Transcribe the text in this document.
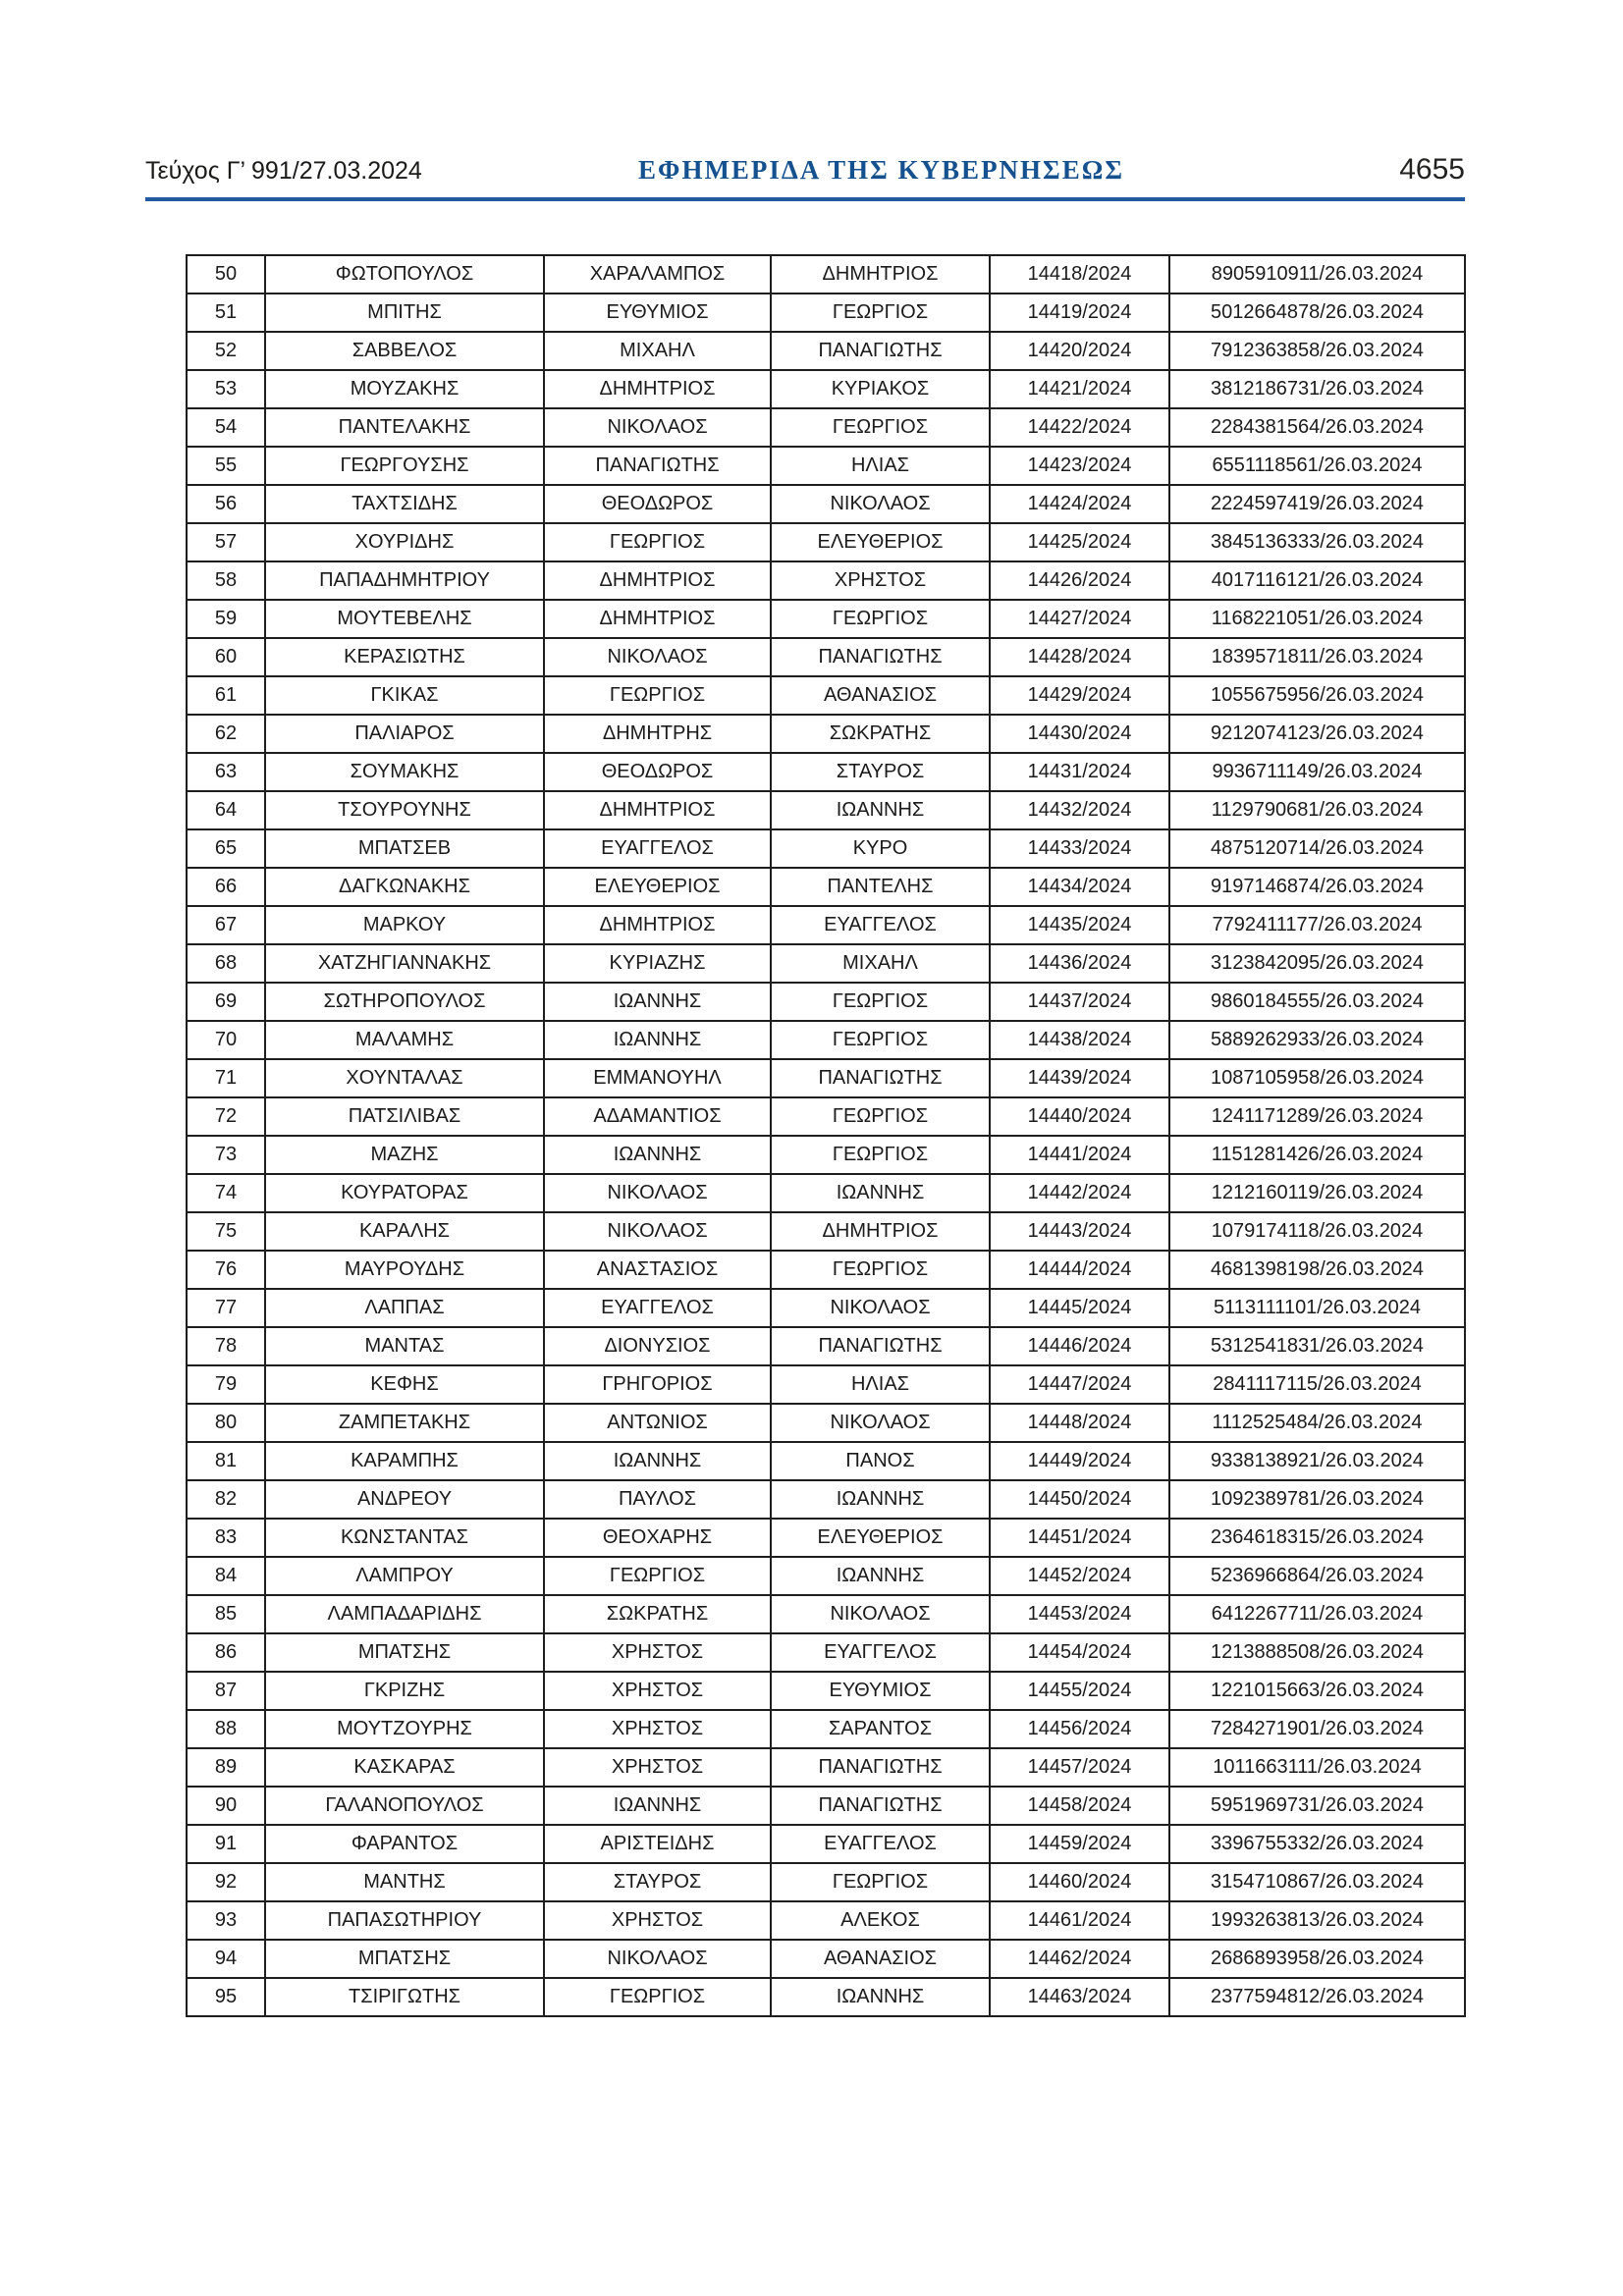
Τεύχος Γ’ 991/27.03.2024	ΕΦΗΜΕΡΙΔΑ ΤΗΣ ΚΥΒΕΡΝΗΣΕΩΣ	4655
50	ΦΩΤΟΠΟΥΛΟΣ	ΧΑΡΑΛΑΜΠΟΣ	ΔΗΜΗΤΡΙΟΣ	14418/2024	8905910911/26.03.2024
51	ΜΠΙΤΗΣ	ΕΥΘΥΜΙΟΣ	ΓΕΩΡΓΙΟΣ	14419/2024	5012664878/26.03.2024
52	ΣΑΒΒΕΛΟΣ	ΜΙΧΑΗΛ	ΠΑΝΑΓΙΩΤΗΣ	14420/2024	7912363858/26.03.2024
53	ΜΟΥΖΑΚΗΣ	ΔΗΜΗΤΡΙΟΣ	ΚΥΡΙΑΚΟΣ	14421/2024	3812186731/26.03.2024
54	ΠΑΝΤΕΛΑΚΗΣ	ΝΙΚΟΛΑΟΣ	ΓΕΩΡΓΙΟΣ	14422/2024	2284381564/26.03.2024
55	ΓΕΩΡΓΟΥΣΗΣ	ΠΑΝΑΓΙΩΤΗΣ	ΗΛΙΑΣ	14423/2024	6551118561/26.03.2024
56	ΤΑΧΤΣΙΔΗΣ	ΘΕΟΔΩΡΟΣ	ΝΙΚΟΛΑΟΣ	14424/2024	2224597419/26.03.2024
57	ΧΟΥΡΙΔΗΣ	ΓΕΩΡΓΙΟΣ	ΕΛΕΥΘΕΡΙΟΣ	14425/2024	3845136333/26.03.2024
58	ΠΑΠΑΔΗΜΗΤΡΙΟΥ	ΔΗΜΗΤΡΙΟΣ	ΧΡΗΣΤΟΣ	14426/2024	4017116121/26.03.2024
59	ΜΟΥΤΕΒΕΛΗΣ	ΔΗΜΗΤΡΙΟΣ	ΓΕΩΡΓΙΟΣ	14427/2024	1168221051/26.03.2024
60	ΚΕΡΑΣΙΩΤΗΣ	ΝΙΚΟΛΑΟΣ	ΠΑΝΑΓΙΩΤΗΣ	14428/2024	1839571811/26.03.2024
61	ΓΚΙΚΑΣ	ΓΕΩΡΓΙΟΣ	ΑΘΑΝΑΣΙΟΣ	14429/2024	1055675956/26.03.2024
62	ΠΑΛΙΑΡΟΣ	ΔΗΜΗΤΡΗΣ	ΣΩΚΡΑΤΗΣ	14430/2024	9212074123/26.03.2024
63	ΣΟΥΜΑΚΗΣ	ΘΕΟΔΩΡΟΣ	ΣΤΑΥΡΟΣ	14431/2024	9936711149/26.03.2024
64	ΤΣΟΥΡΟΥΝΗΣ	ΔΗΜΗΤΡΙΟΣ	ΙΩΑΝΝΗΣ	14432/2024	1129790681/26.03.2024
65	ΜΠΑΤΣΕΒ	ΕΥΑΓΓΕΛΟΣ	ΚΥΡΟ	14433/2024	4875120714/26.03.2024
66	ΔΑΓΚΩΝΑΚΗΣ	ΕΛΕΥΘΕΡΙΟΣ	ΠΑΝΤΕΛΗΣ	14434/2024	9197146874/26.03.2024
67	ΜΑΡΚΟΥ	ΔΗΜΗΤΡΙΟΣ	ΕΥΑΓΓΕΛΟΣ	14435/2024	7792411177/26.03.2024
68	ΧΑΤΖΗΓΙΑΝΝΑΚΗΣ	ΚΥΡΙΑΖΗΣ	ΜΙΧΑΗΛ	14436/2024	3123842095/26.03.2024
69	ΣΩΤΗΡΟΠΟΥΛΟΣ	ΙΩΑΝΝΗΣ	ΓΕΩΡΓΙΟΣ	14437/2024	9860184555/26.03.2024
70	ΜΑΛΑΜΗΣ	ΙΩΑΝΝΗΣ	ΓΕΩΡΓΙΟΣ	14438/2024	5889262933/26.03.2024
71	ΧΟΥΝΤΑΛΑΣ	ΕΜΜΑΝΟΥΗΛ	ΠΑΝΑΓΙΩΤΗΣ	14439/2024	1087105958/26.03.2024
72	ΠΑΤΣΙΛΙΒΑΣ	ΑΔΑΜΑΝΤΙΟΣ	ΓΕΩΡΓΙΟΣ	14440/2024	1241171289/26.03.2024
73	ΜΑΖΗΣ	ΙΩΑΝΝΗΣ	ΓΕΩΡΓΙΟΣ	14441/2024	1151281426/26.03.2024
74	ΚΟΥΡΑΤΟΡΑΣ	ΝΙΚΟΛΑΟΣ	ΙΩΑΝΝΗΣ	14442/2024	1212160119/26.03.2024
75	ΚΑΡΑΛΗΣ	ΝΙΚΟΛΑΟΣ	ΔΗΜΗΤΡΙΟΣ	14443/2024	1079174118/26.03.2024
76	ΜΑΥΡΟΥΔΗΣ	ΑΝΑΣΤΑΣΙΟΣ	ΓΕΩΡΓΙΟΣ	14444/2024	4681398198/26.03.2024
77	ΛΑΠΠΑΣ	ΕΥΑΓΓΕΛΟΣ	ΝΙΚΟΛΑΟΣ	14445/2024	5113111101/26.03.2024
78	ΜΑΝΤΑΣ	ΔΙΟΝΥΣΙΟΣ	ΠΑΝΑΓΙΩΤΗΣ	14446/2024	5312541831/26.03.2024
79	ΚΕΦΗΣ	ΓΡΗΓΟΡΙΟΣ	ΗΛΙΑΣ	14447/2024	2841117115/26.03.2024
80	ΖΑΜΠΕΤΑΚΗΣ	ΑΝΤΩΝΙΟΣ	ΝΙΚΟΛΑΟΣ	14448/2024	1112525484/26.03.2024
81	ΚΑΡΑΜΠΗΣ	ΙΩΑΝΝΗΣ	ΠΑΝΟΣ	14449/2024	9338138921/26.03.2024
82	ΑΝΔΡΕΟΥ	ΠΑΥΛΟΣ	ΙΩΑΝΝΗΣ	14450/2024	1092389781/26.03.2024
83	ΚΩΝΣΤΑΝΤΑΣ	ΘΕΟΧΑΡΗΣ	ΕΛΕΥΘΕΡΙΟΣ	14451/2024	2364618315/26.03.2024
84	ΛΑΜΠΡΟΥ	ΓΕΩΡΓΙΟΣ	ΙΩΑΝΝΗΣ	14452/2024	5236966864/26.03.2024
85	ΛΑΜΠΑΔΑΡΙΔΗΣ	ΣΩΚΡΑΤΗΣ	ΝΙΚΟΛΑΟΣ	14453/2024	6412267711/26.03.2024
86	ΜΠΑΤΣΗΣ	ΧΡΗΣΤΟΣ	ΕΥΑΓΓΕΛΟΣ	14454/2024	1213888508/26.03.2024
87	ΓΚΡΙΖΗΣ	ΧΡΗΣΤΟΣ	ΕΥΘΥΜΙΟΣ	14455/2024	1221015663/26.03.2024
88	ΜΟΥΤΖΟΥΡΗΣ	ΧΡΗΣΤΟΣ	ΣΑΡΑΝΤΟΣ	14456/2024	7284271901/26.03.2024
89	ΚΑΣΚΑΡΑΣ	ΧΡΗΣΤΟΣ	ΠΑΝΑΓΙΩΤΗΣ	14457/2024	1011663111/26.03.2024
90	ΓΑΛΑΝΟΠΟΥΛΟΣ	ΙΩΑΝΝΗΣ	ΠΑΝΑΓΙΩΤΗΣ	14458/2024	5951969731/26.03.2024
91	ΦΑΡΑΝΤΟΣ	ΑΡΙΣΤΕΙΔΗΣ	ΕΥΑΓΓΕΛΟΣ	14459/2024	3396755332/26.03.2024
92	ΜΑΝΤΗΣ	ΣΤΑΥΡΟΣ	ΓΕΩΡΓΙΟΣ	14460/2024	3154710867/26.03.2024
93	ΠΑΠΑΣΩΤΗΡΙΟΥ	ΧΡΗΣΤΟΣ	ΑΛΕΚΟΣ	14461/2024	1993263813/26.03.2024
94	ΜΠΑΤΣΗΣ	ΝΙΚΟΛΑΟΣ	ΑΘΑΝΑΣΙΟΣ	14462/2024	2686893958/26.03.2024
95	ΤΣΙΡΙΓΩΤΗΣ	ΓΕΩΡΓΙΟΣ	ΙΩΑΝΝΗΣ	14463/2024	2377594812/26.03.2024
